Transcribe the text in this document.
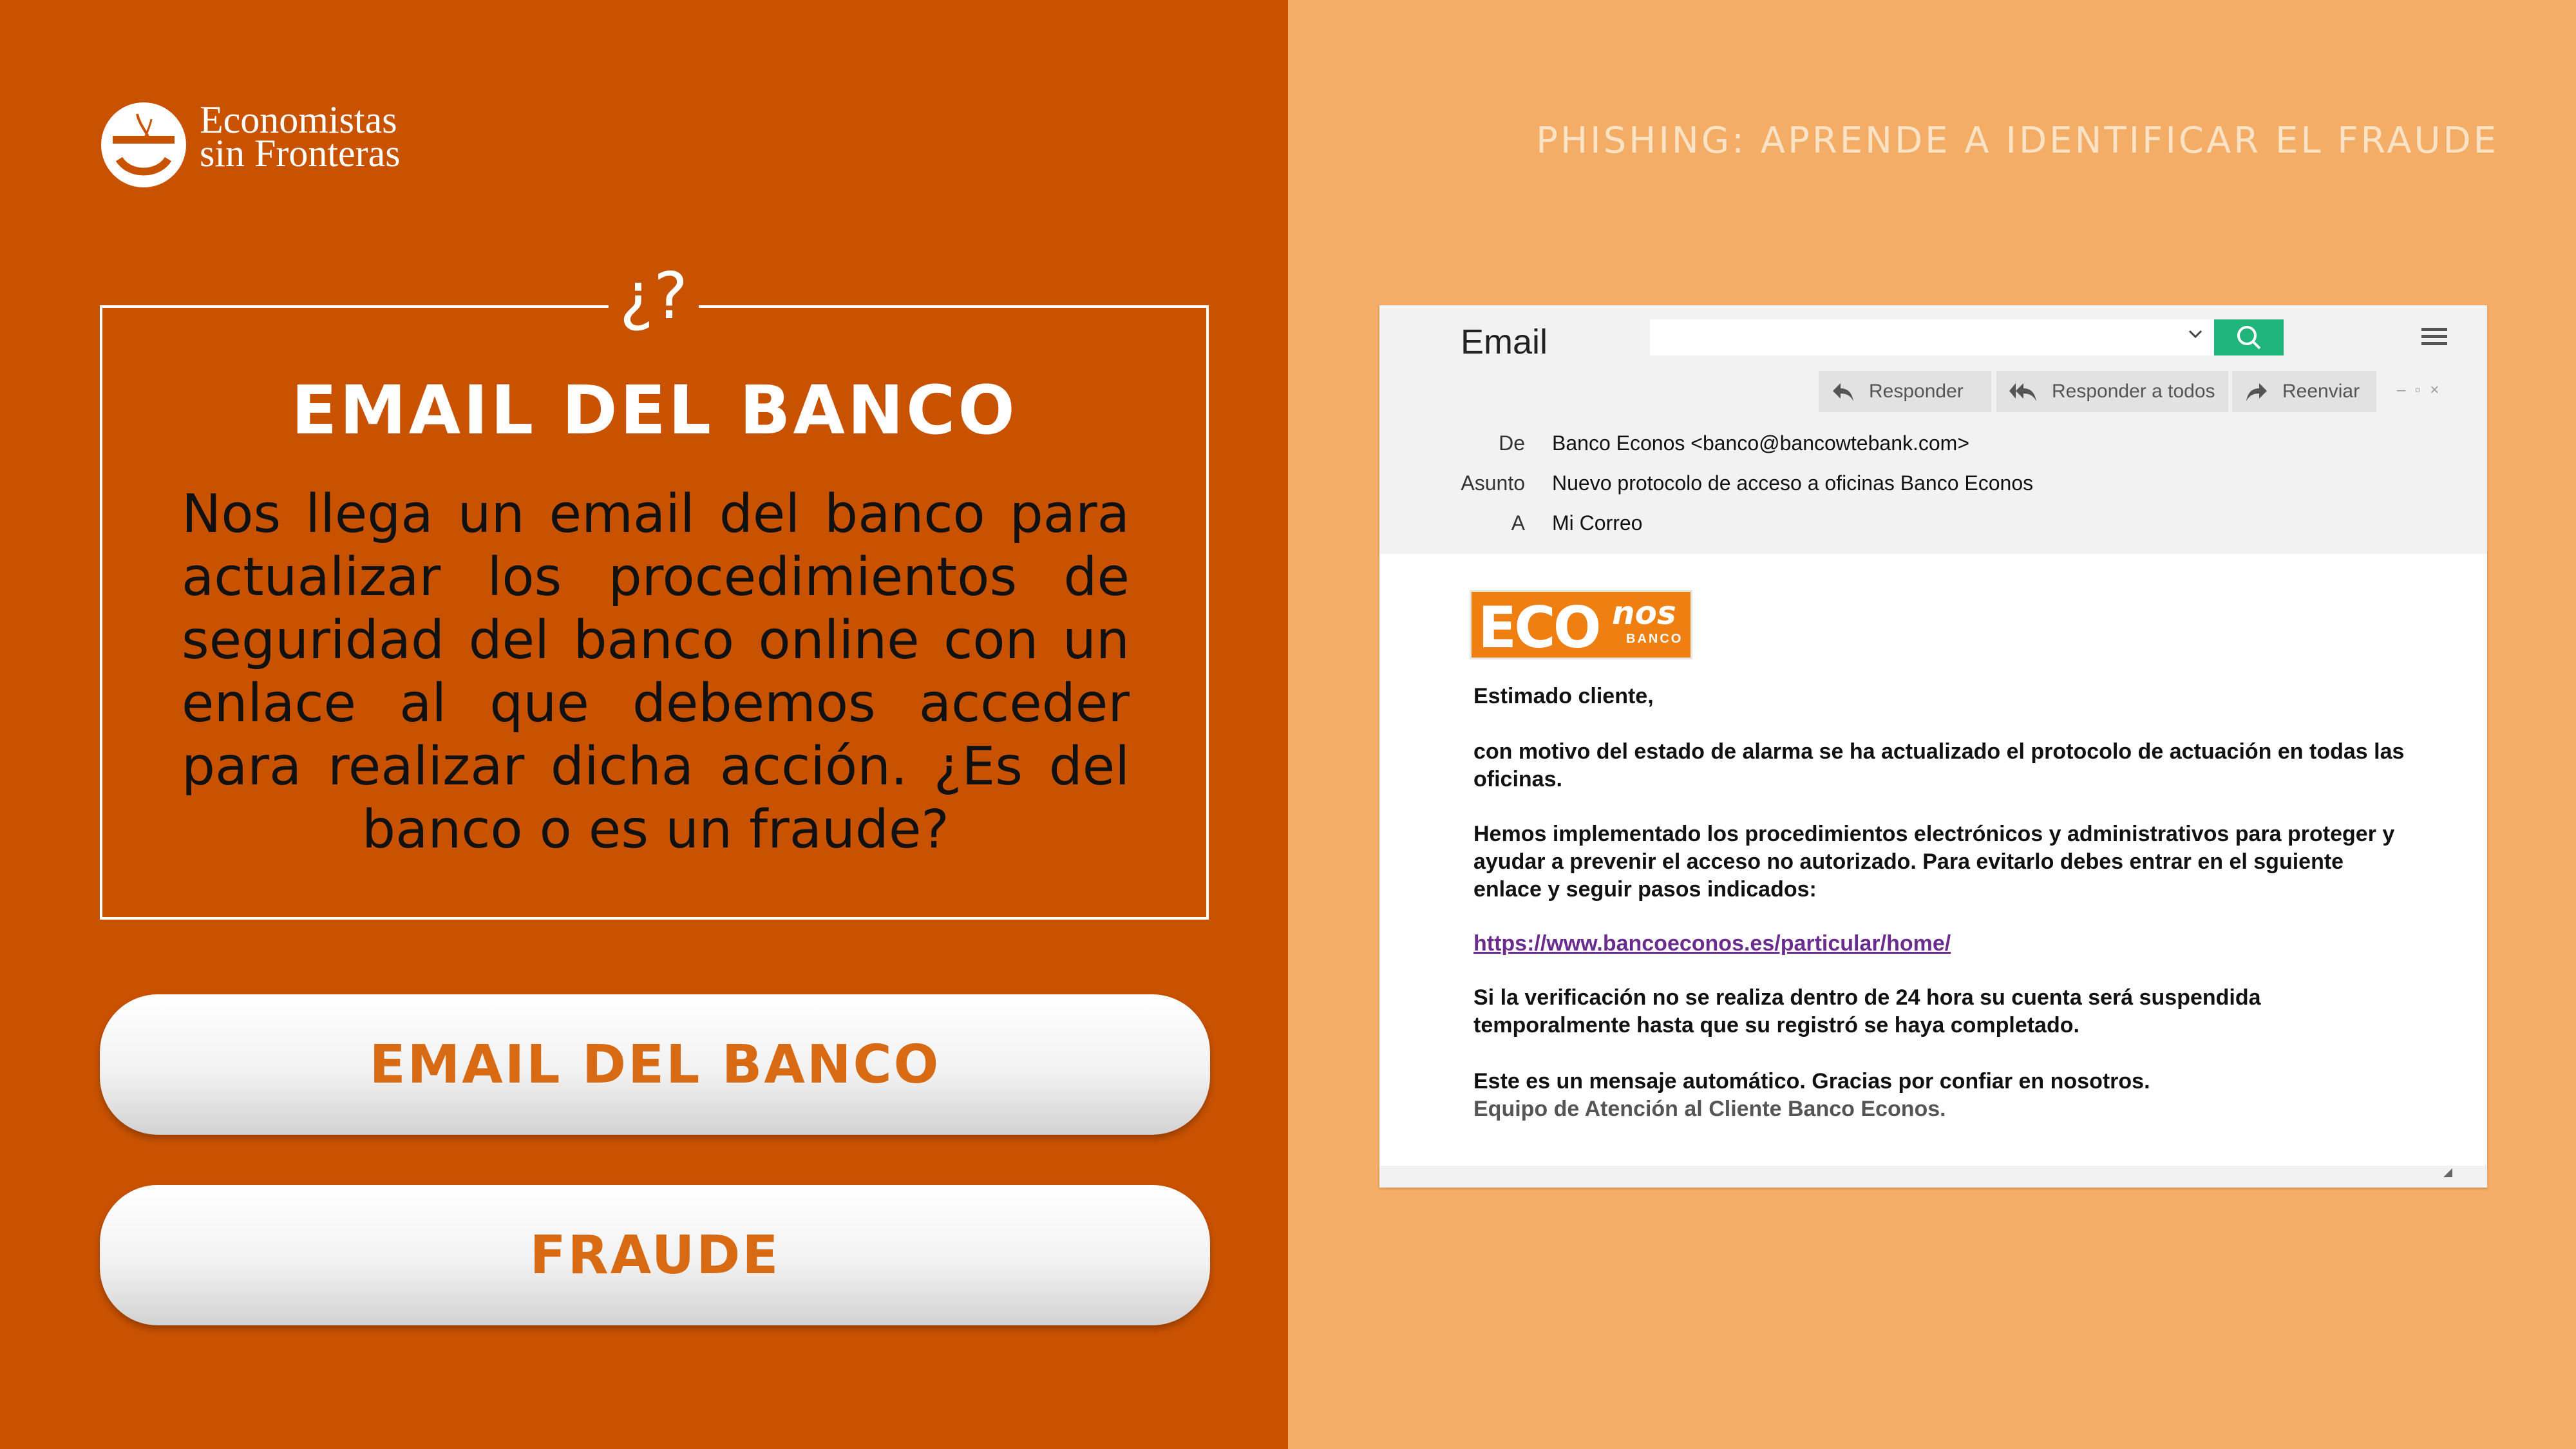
Economistas
sin Fronteras
¿?
EMAIL DEL BANCO
Nos llega un email del banco para actualizar los procedimientos de seguridad del banco online con un enlace al que debemos acceder para realizar dicha acción. ¿Es del banco o es un fraude?
EMAIL DEL BANCO
FRAUDE
PHISHING: APRENDE A IDENTIFICAR EL FRAUDE
Email
Responder	Responder a todos	Reenviar – ▫ ×
De Banco Econos <banco@bancowtebank.com>
Asunto Nuevo protocolo de acceso a oficinas Banco Econos
A Mi Correo
ECO nos
BANCO
Estimado cliente,
con motivo del estado de alarma se ha actualizado el protocolo de actuación en todas las oficinas.
Hemos implementado los procedimientos electrónicos y administrativos para proteger y ayudar a prevenir el acceso no autorizado. Para evitarlo debes entrar en el sguiente enlace y seguir pasos indicados:
https://www.bancoeconos.es/particular/home/
Si la verificación no se realiza dentro de 24 hora su cuenta será suspendida temporalmente hasta que su registró se haya completado.
Este es un mensaje automático. Gracias por confiar en nosotros.
Equipo de Atención al Cliente Banco Econos.
